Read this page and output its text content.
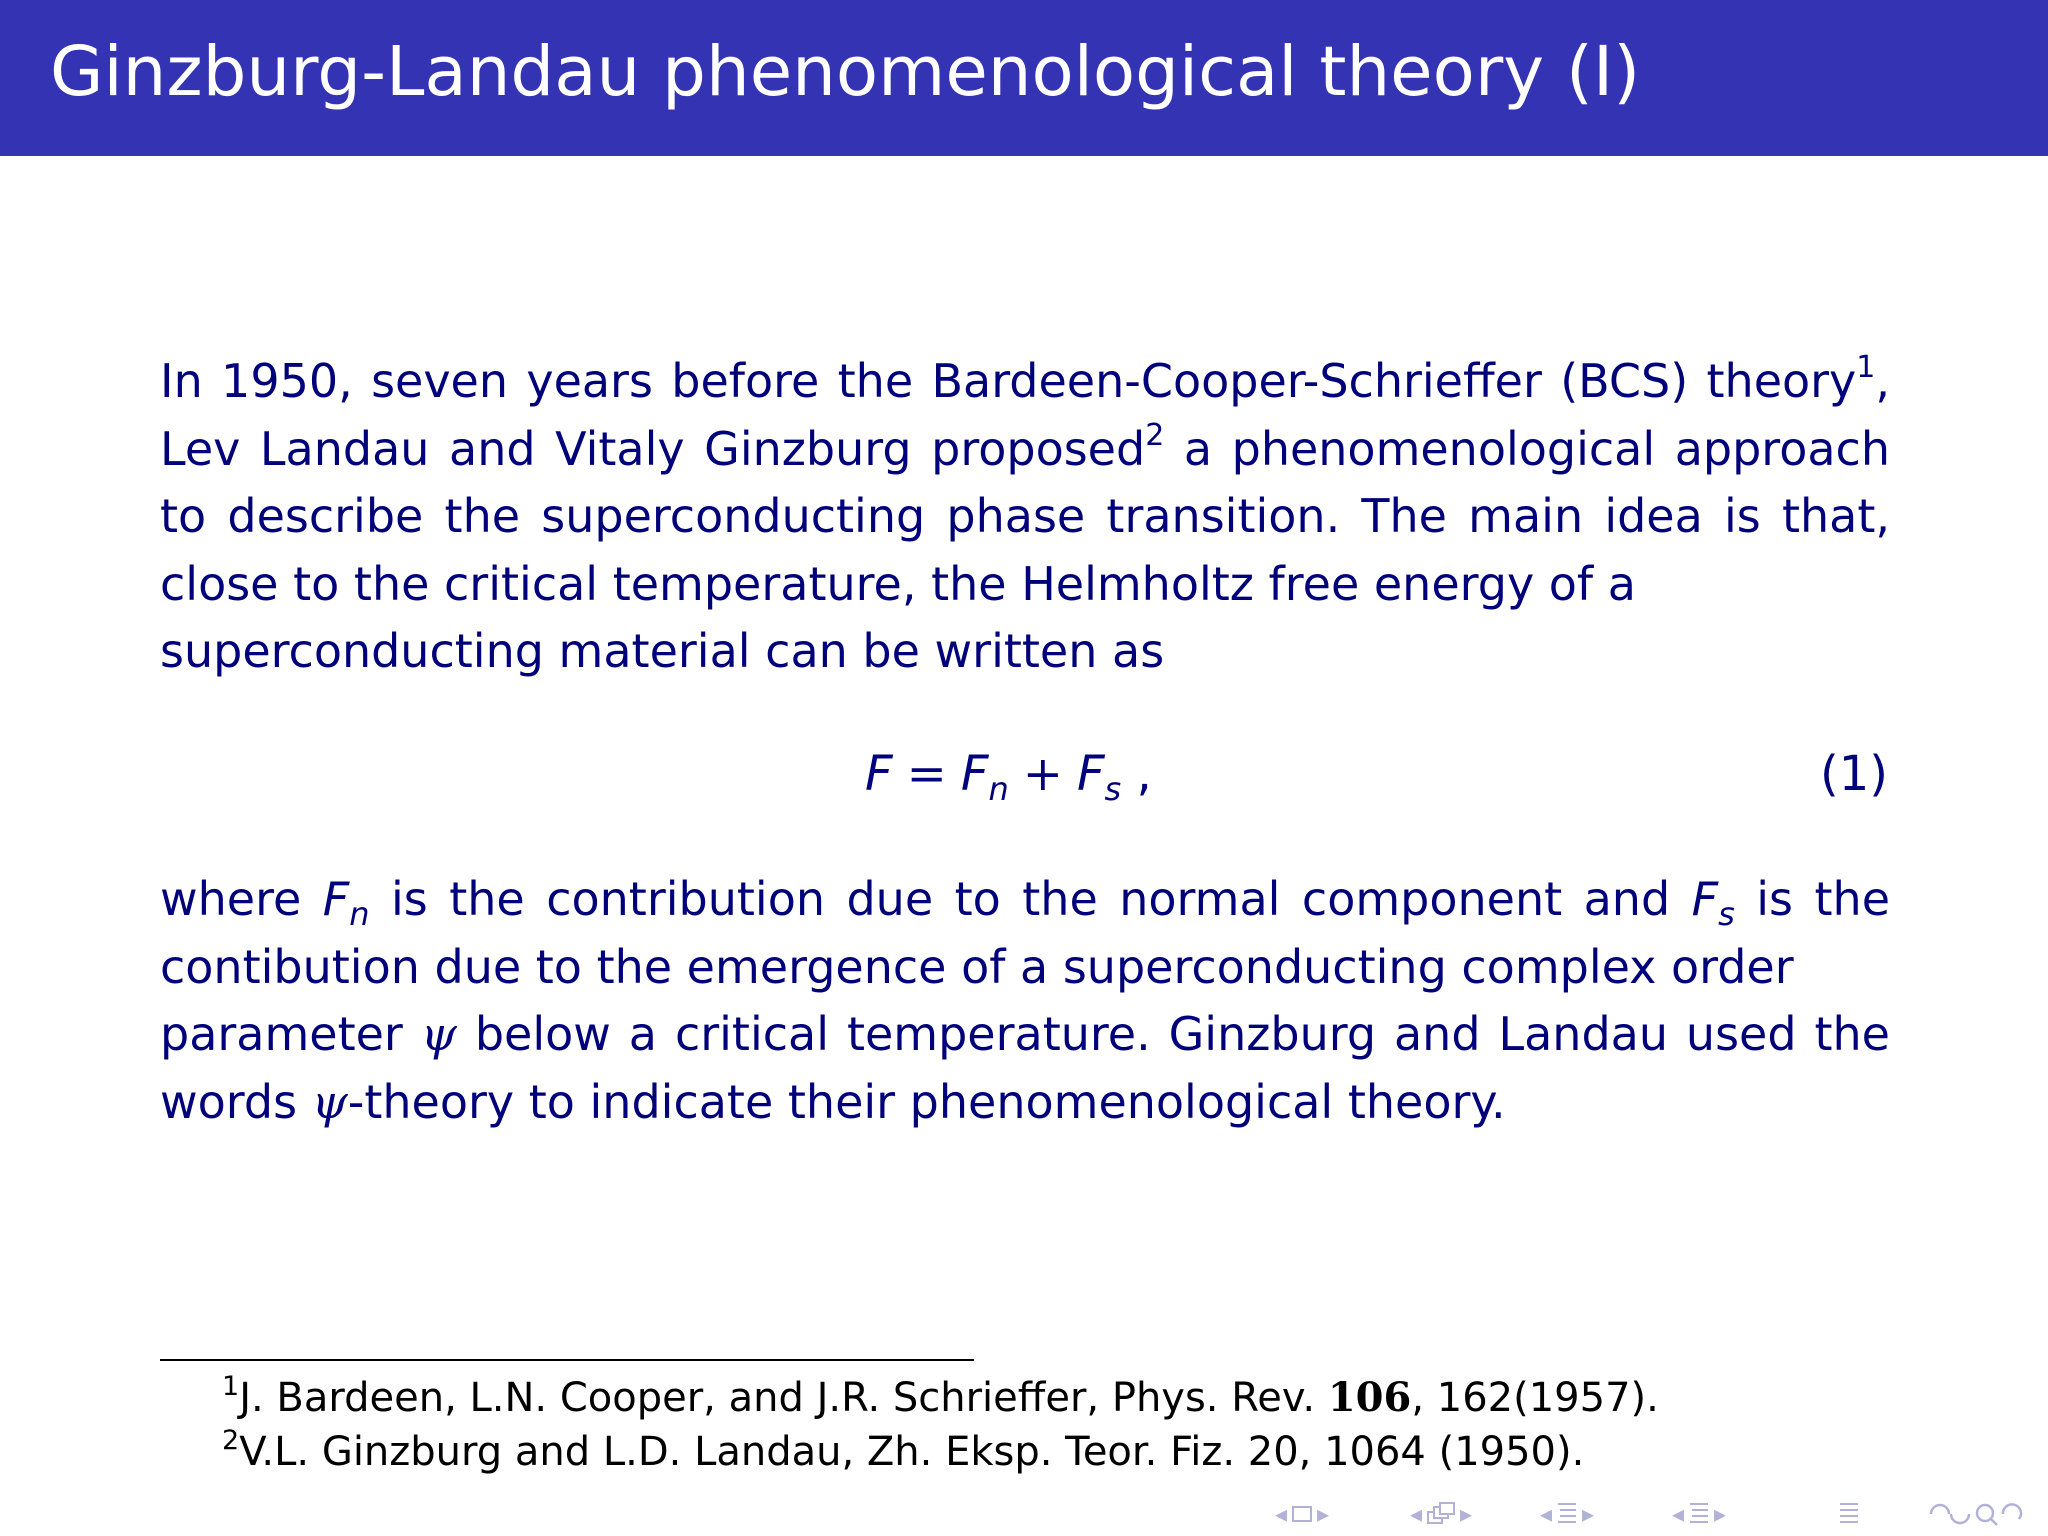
Ginzburg-Landau phenomenological theory (I)
In 1950, seven years before the Bardeen-Cooper-Schrieffer (BCS) theory$^1$,
Lev Landau and Vitaly Ginzburg proposed$^2$ a phenomenological approach
to describe the superconducting phase transition. The main idea is that,
close to the critical temperature, the Helmholtz free energy of a
superconducting material can be written as
$F = F_n + F_s$ ,	(1)
where $F_n$ is the contribution due to the normal component and $F_s$ is the
contibution due to the emergence of a superconducting complex order
parameter ψ below a critical temperature. Ginzburg and Landau used the
words ψ-theory to indicate their phenomenological theory.
$^1$J. Bardeen, L.N. Cooper, and J.R. Schrieffer, Phys. Rev. 106, 162(1957).
$^2$V.L. Ginzburg and L.D. Landau, Zh. Eksp. Teor. Fiz. 20, 1064 (1950).
◂ ▸	◂ ▸	◂ ▸	◂ ▸
